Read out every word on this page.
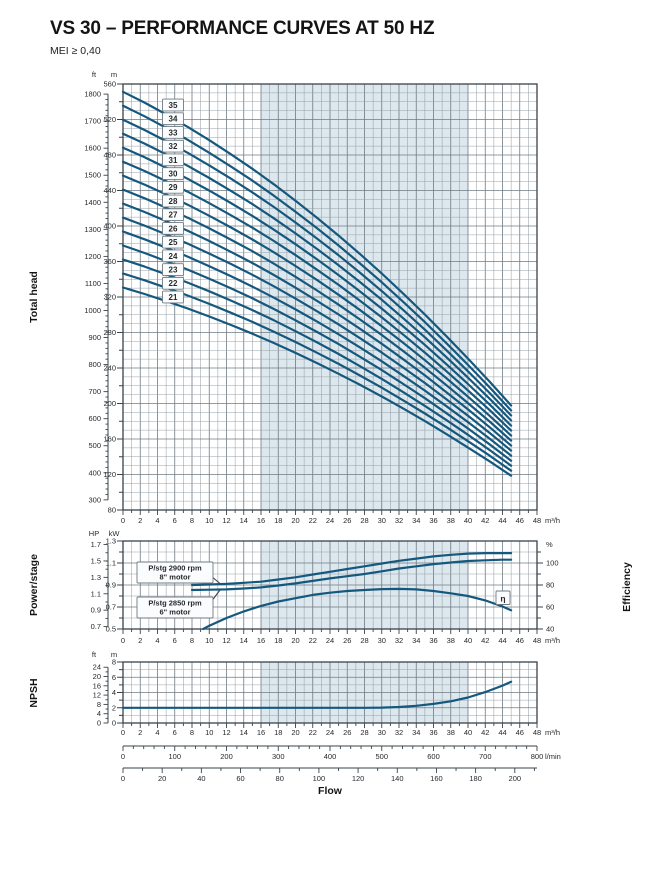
VS 30 – PERFORMANCE CURVES AT 50 HZ
MEI ≥ 0,40
560
520
480
440
400
360
320
280
240
200
160
120
80
1800
1700
1600
1500
1400
1300
1200
1100
1000
900
800
700
600
500
400
300
ft m
35
34
33
32
31
30
29
28
27
26
25
24
23
22
21
0 2 4 6 8 10 12 14 16 18 20 22 24 26 28 30 32 34 36 38 40 42 44 46 48 m³/h
1.3
1.1
0.9
0.7
0.5
1.7
1.5
1.3
1.1
0.9
0.7
HP kW
100
80
60
40
%
P/stg 2900 rpm
8" motor
P/stg 2850 rpm
6" motor
η
0 2 4 6 8 10 12 14 16 18 20 22 24 26 28 30 32 34 36 38 40 42 44 46 48 m³/h
8
6
4
2
0
24
20
16
12
8
4
0
ft m
0 2 4 6 8 10 12 14 16 18 20 22 24 26 28 30 32 34 36 38 40 42 44 46 48 m³/h
0	100	200	300	400	500	600	700	800 l/min
0	20	40	60	80	100	120	140	160	180	200
Total head
Power/stage
NPSH
Efficiency
Flow
